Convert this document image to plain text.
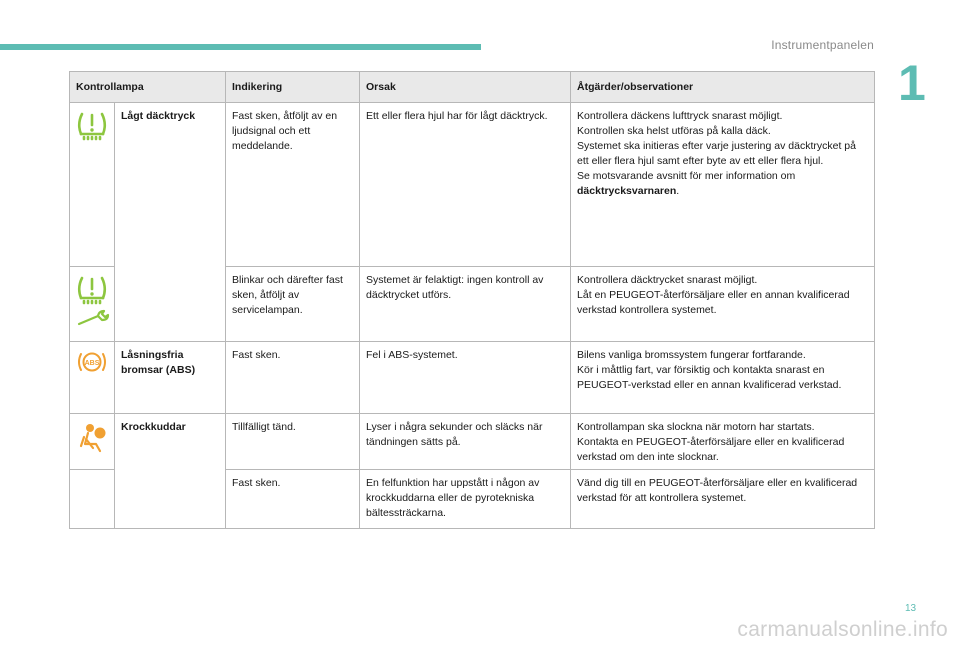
Instrumentpanelen
1
Kontrollampa		Indikering	Orsak	Åtgärder/observationer

	Lågt däcktryck	Fast sken, åtföljt av en ljudsignal och ett meddelande.	Ett eller flera hjul har för lågt däcktryck.	Kontrollera däckens lufttryck snarast möjligt.
Kontrollen ska helst utföras på kalla däck.
Systemet ska initieras efter varje justering av däcktrycket på ett eller flera hjul samt efter byte av ett eller flera hjul.
Se motsvarande avsnitt för mer information om däcktrycksvarnaren.

	Blinkar och därefter fast sken, åtföljt av servicelampan.	Systemet är felaktigt: ingen kontroll av däcktrycket utförs.	Kontrollera däcktrycket snarast möjligt.
Låt en PEUGEOT-återförsäljare eller en annan kvalificerad verkstad kontrollera systemet.

ABS	Låsningsfria bromsar (ABS)	Fast sken.	Fel i ABS-systemet.	Bilens vanliga bromssystem fungerar fortfarande.
Kör i måttlig fart, var försiktig och kontakta snarast en PEUGEOT-verkstad eller en annan kvalificerad verkstad.

	Krockkuddar	Tillfälligt tänd.	Lyser i några sekunder och släcks när tändningen sätts på.	Kontrollampan ska slockna när motorn har startats.
Kontakta en PEUGEOT-återförsäljare eller en kvalificerad verkstad om den inte slocknar.

		Fast sken.	En felfunktion har uppstått i någon av krockkuddarna eller de pyrotekniska bältessträckarna.	Vänd dig till en PEUGEOT-återförsäljare eller en kvalificerad verkstad för att kontrollera systemet.
13
carmanualsonline.info
